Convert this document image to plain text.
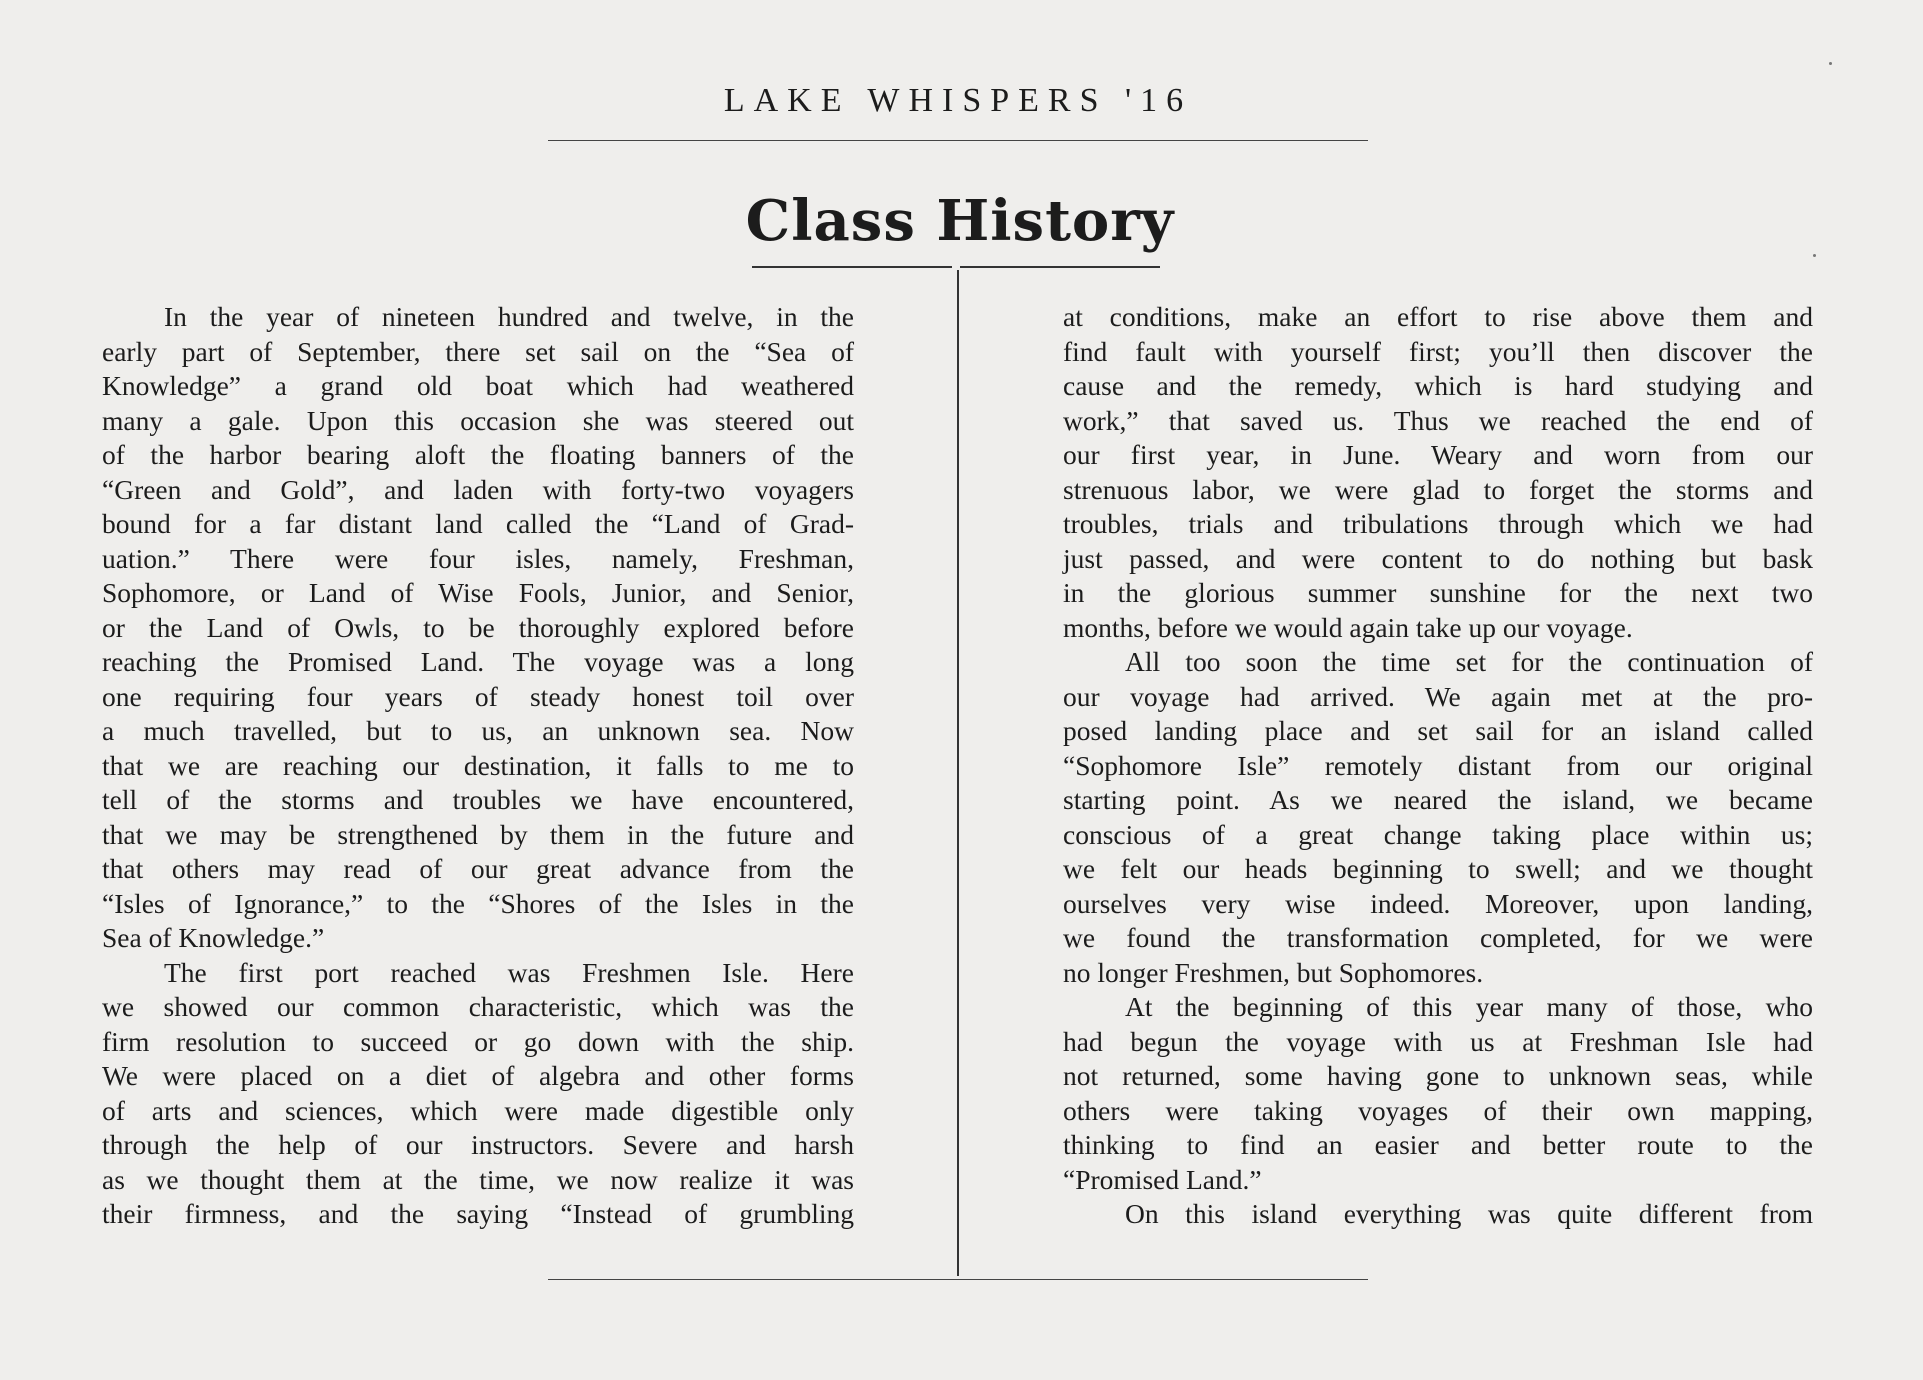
LAKE WHISPERS '16
Class History
In the year of nineteen hundred and twelve, in the
early part of September, there set sail on the “Sea of
Knowledge” a grand old boat which had weathered
many a gale. Upon this occasion she was steered out
of the harbor bearing aloft the floating banners of the
“Green and Gold”, and laden with forty-two voyagers
bound for a far distant land called the “Land of Grad-
uation.” There were four isles, namely, Freshman,
Sophomore, or Land of Wise Fools, Junior, and Senior,
or the Land of Owls, to be thoroughly explored before
reaching the Promised Land. The voyage was a long
one requiring four years of steady honest toil over
a much travelled, but to us, an unknown sea. Now
that we are reaching our destination, it falls to me to
tell of the storms and troubles we have encountered,
that we may be strengthened by them in the future and
that others may read of our great advance from the
“Isles of Ignorance,” to the “Shores of the Isles in the
Sea of Knowledge.”
The first port reached was Freshmen Isle. Here
we showed our common characteristic, which was the
firm resolution to succeed or go down with the ship.
We were placed on a diet of algebra and other forms
of arts and sciences, which were made digestible only
through the help of our instructors. Severe and harsh
as we thought them at the time, we now realize it was
their firmness, and the saying “Instead of grumbling
at conditions, make an effort to rise above them and
find fault with yourself first; you’ll then discover the
cause and the remedy, which is hard studying and
work,” that saved us. Thus we reached the end of
our first year, in June. Weary and worn from our
strenuous labor, we were glad to forget the storms and
troubles, trials and tribulations through which we had
just passed, and were content to do nothing but bask
in the glorious summer sunshine for the next two
months, before we would again take up our voyage.
All too soon the time set for the continuation of
our voyage had arrived. We again met at the pro-
posed landing place and set sail for an island called
“Sophomore Isle” remotely distant from our original
starting point. As we neared the island, we became
conscious of a great change taking place within us;
we felt our heads beginning to swell; and we thought
ourselves very wise indeed. Moreover, upon landing,
we found the transformation completed, for we were
no longer Freshmen, but Sophomores.
At the beginning of this year many of those, who
had begun the voyage with us at Freshman Isle had
not returned, some having gone to unknown seas, while
others were taking voyages of their own mapping,
thinking to find an easier and better route to the
“Promised Land.”
On this island everything was quite different from
